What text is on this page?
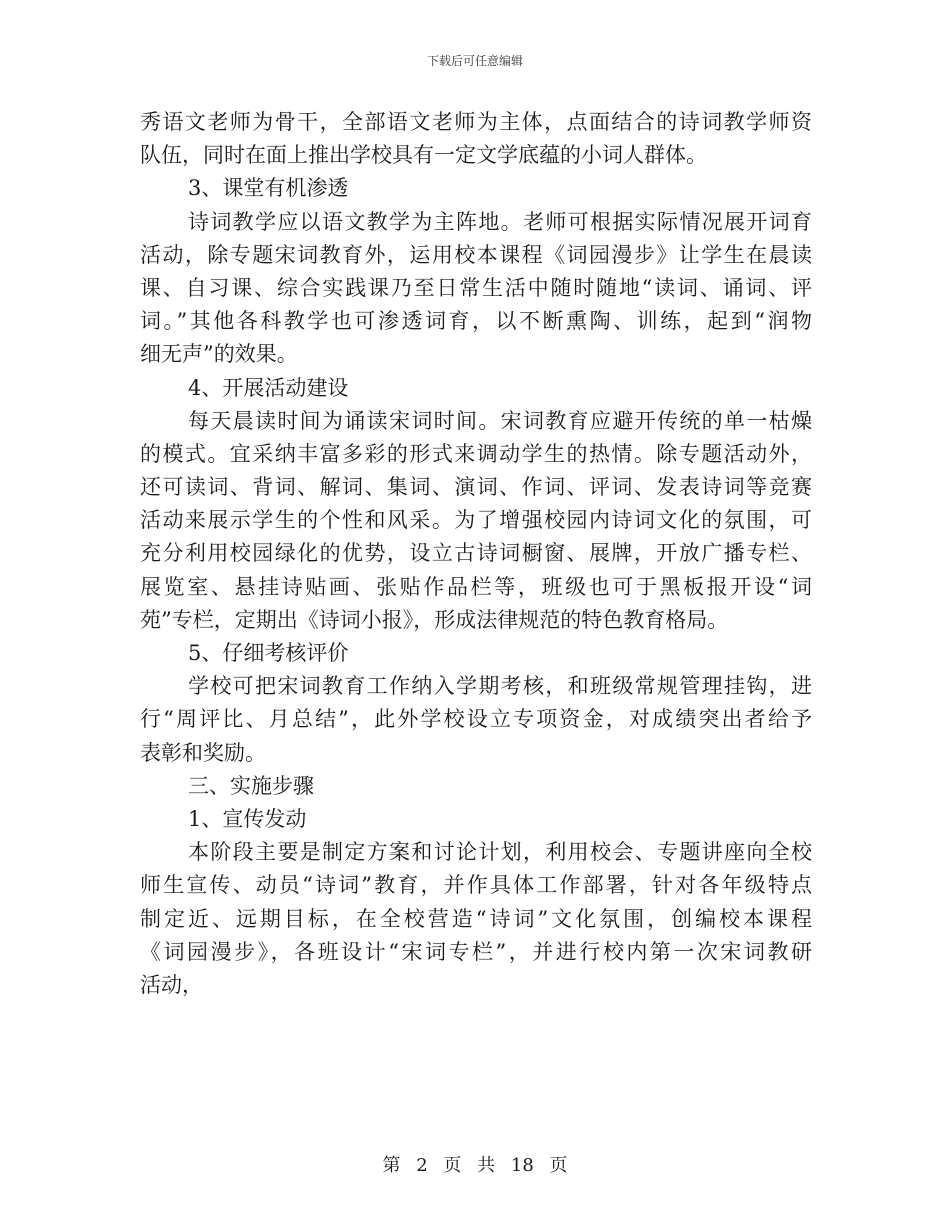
下载后可任意编辑
秀语文老师为骨干，全部语文老师为主体，点面结合的诗词教学师资
队伍，同时在面上推出学校具有一定文学底蕴的小词人群体。
3、课堂有机渗透
诗词教学应以语文教学为主阵地。老师可根据实际情况展开词育
活动，除专题宋词教育外，运用校本课程《词园漫步》让学生在晨读
课、自习课、综合实践课乃至日常生活中随时随地“读词、诵词、评
词。”其他各科教学也可渗透词育，以不断熏陶、训练，起到“润物
细无声”的效果。
4、开展活动建设
每天晨读时间为诵读宋词时间。宋词教育应避开传统的单一枯燥
的模式。宜采纳丰富多彩的形式来调动学生的热情。除专题活动外，
还可读词、背词、解词、集词、演词、作词、评词、发表诗词等竞赛
活动来展示学生的个性和风采。为了增强校园内诗词文化的氛围，可
充分利用校园绿化的优势，设立古诗词橱窗、展牌，开放广播专栏、
展览室、悬挂诗贴画、张贴作品栏等，班级也可于黑板报开设“词
苑”专栏，定期出《诗词小报》，形成法律规范的特色教育格局。
5、仔细考核评价
学校可把宋词教育工作纳入学期考核，和班级常规管理挂钩，进
行“周评比、月总结”，此外学校设立专项资金，对成绩突出者给予
表彰和奖励。
三、实施步骤
1、宣传发动
本阶段主要是制定方案和讨论计划，利用校会、专题讲座向全校
师生宣传、动员“诗词”教育，并作具体工作部署，针对各年级特点
制定近、远期目标，在全校营造“诗词”文化氛围，创编校本课程
《词园漫步》，各班设计“宋词专栏”，并进行校内第一次宋词教研
活动，
第 2 页 共 18 页
